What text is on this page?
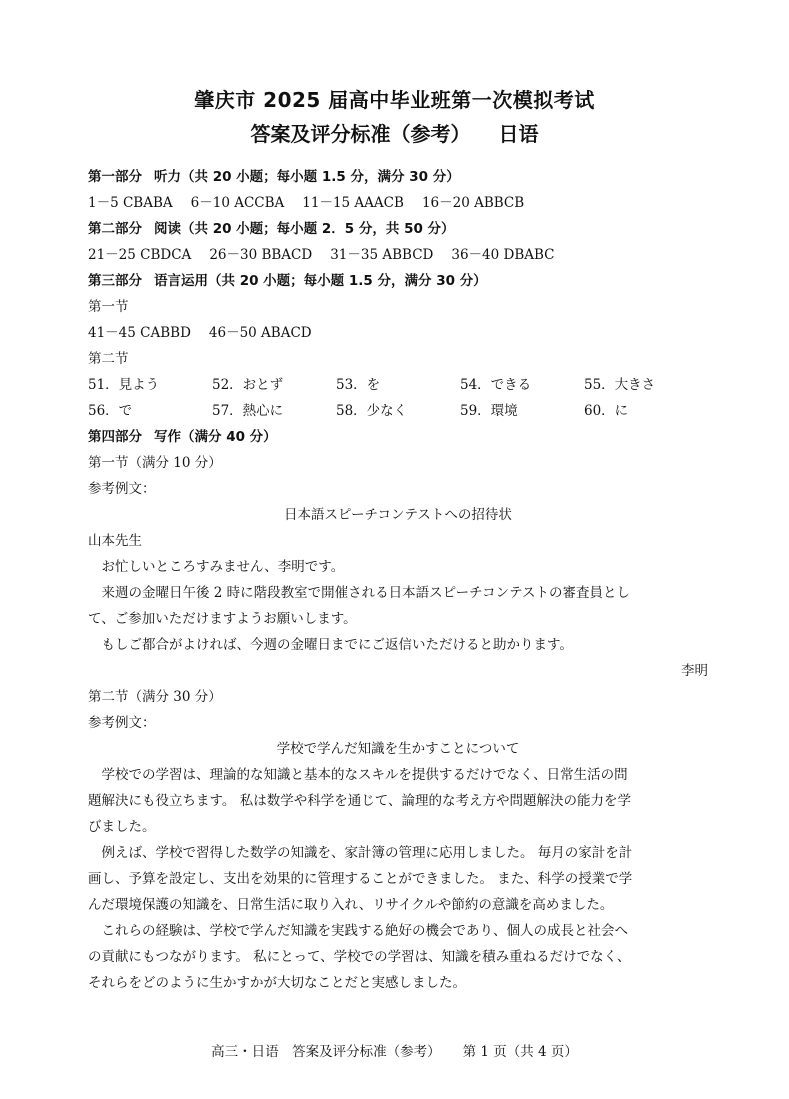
肇庆市 2025 届高中毕业班第一次模拟考试
答案及评分标准（参考） 日语
第一部分 听力（共 20 小题；每小题 1.5 分，满分 30 分）
1－5 CBABA 6－10 ACCBA 11－15 AAACB 16－20 ABBCB
第二部分 阅读（共 20 小题；每小题 2．5 分，共 50 分）
21－25 CBDCA 26－30 BBACD 31－35 ABBCD 36－40 DBABC
第三部分 语言运用（共 20 小题；每小题 1.5 分，满分 30 分）
第一节
41－45 CABBD 46－50 ABACD
第二节
51．見よう	52．おとず	53．を	54．できる	55．大きさ
56．で	57．熱心に	58．少なく	59．環境	60．に
第四部分 写作（满分 40 分）
第一节（满分 10 分）
参考例文：
日本語スピーチコンテストへの招待状
山本先生
　お忙しいところすみません、李明です。
　来週の金曜日午後 2 時に階段教室で開催される日本語スピーチコンテストの審査員とし
て、ご参加いただけますようお願いします。
　もしご都合がよければ、今週の金曜日までにご返信いただけると助かります。
李明
第二节（满分 30 分）
参考例文：
学校で学んだ知識を生かすことについて
　学校での学習は、理論的な知識と基本的なスキルを提供するだけでなく、日常生活の問
題解決にも役立ちます。 私は数学や科学を通じて、論理的な考え方や問題解決の能力を学
びました。
　例えば、学校で習得した数学の知識を、家計簿の管理に応用しました。 毎月の家計を計
画し、予算を設定し、支出を効果的に管理することができました。 また、科学の授業で学
んだ環境保護の知識を、日常生活に取り入れ、リサイクルや節約の意識を高めました。
　これらの経験は、学校で学んだ知識を実践する絶好の機会であり、個人の成長と社会へ
の貢献にもつながります。 私にとって、学校での学習は、知識を積み重ねるだけでなく、
それらをどのように生かすかが大切なことだと実感しました。
高三・日语　答案及评分标准（参考） 第 1 页（共 4 页）
